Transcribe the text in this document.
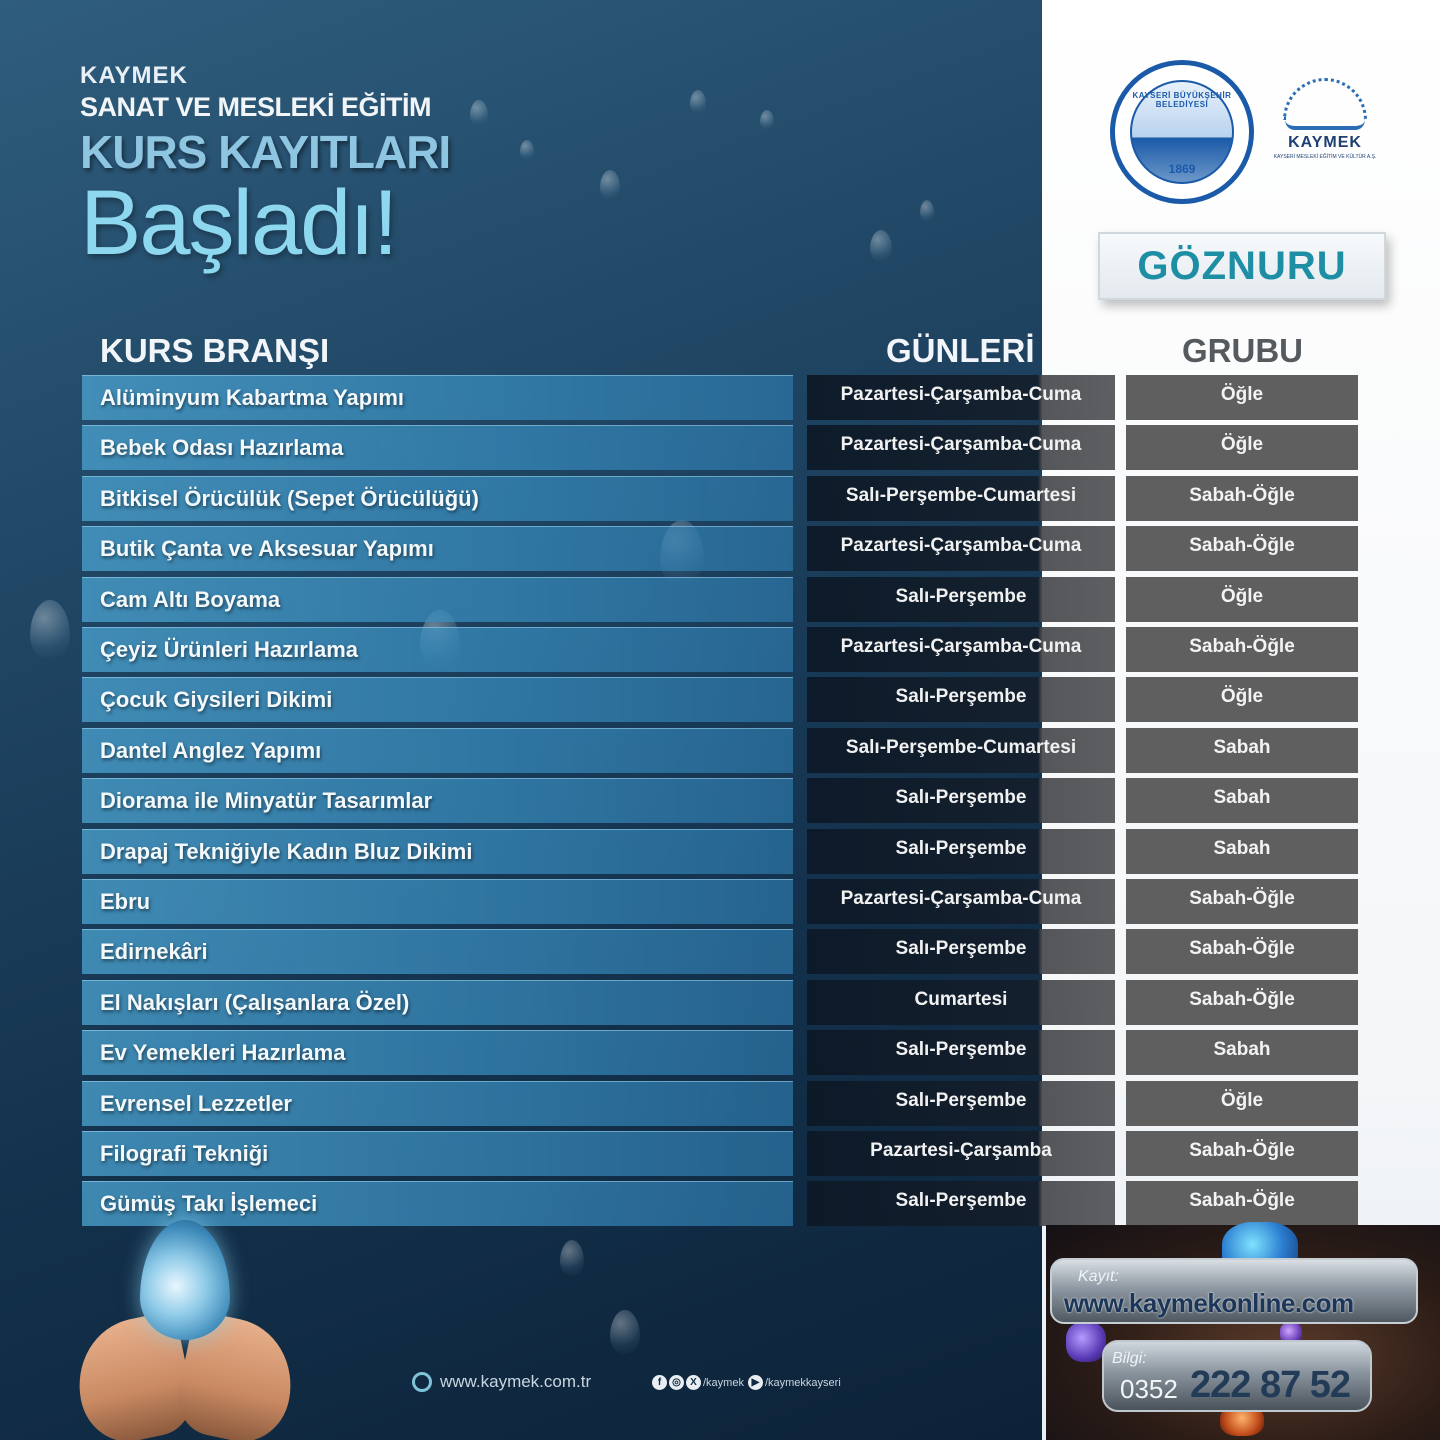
KAYMEK
SANAT VE MESLEKİ EĞİTİM
KURS KAYITLARI
Başladı!
KAYSERİ BÜYÜKŞEHİR BELEDİYESİ
1869
KAYMEK
KAYSERİ MESLEKİ EĞİTİM VE KÜLTÜR A.Ş.
GÖZNURU
KURS BRANŞI	GÜNLERİ	GRUBU
Alüminyum Kabartma Yapımı	Pazartesi-Çarşamba-Cuma	Öğle
Bebek Odası Hazırlama	Pazartesi-Çarşamba-Cuma	Öğle
Bitkisel Örücülük (Sepet Örücülüğü)	Salı-Perşembe-Cumartesi	Sabah-Öğle
Butik Çanta ve Aksesuar Yapımı	Pazartesi-Çarşamba-Cuma	Sabah-Öğle
Cam Altı Boyama	Salı-Perşembe	Öğle
Çeyiz Ürünleri Hazırlama	Pazartesi-Çarşamba-Cuma	Sabah-Öğle
Çocuk Giysileri Dikimi	Salı-Perşembe	Öğle
Dantel Anglez Yapımı	Salı-Perşembe-Cumartesi	Sabah
Diorama ile Minyatür Tasarımlar	Salı-Perşembe	Sabah
Drapaj Tekniğiyle Kadın Bluz Dikimi	Salı-Perşembe	Sabah
Ebru	Pazartesi-Çarşamba-Cuma	Sabah-Öğle
Edirnekâri	Salı-Perşembe	Sabah-Öğle
El Nakışları (Çalışanlara Özel)	Cumartesi	Sabah-Öğle
Ev Yemekleri Hazırlama	Salı-Perşembe	Sabah
Evrensel Lezzetler	Salı-Perşembe	Öğle
Filografi Tekniği	Pazartesi-Çarşamba	Sabah-Öğle
Gümüş Takı İşlemeci	Salı-Perşembe	Sabah-Öğle
www.kaymek.com.tr	f	◎ X /kaymek ▶ /kaymekkayseri
Kayıt:
www.kaymekonline.com
Bilgi:
0352 222 87 52
